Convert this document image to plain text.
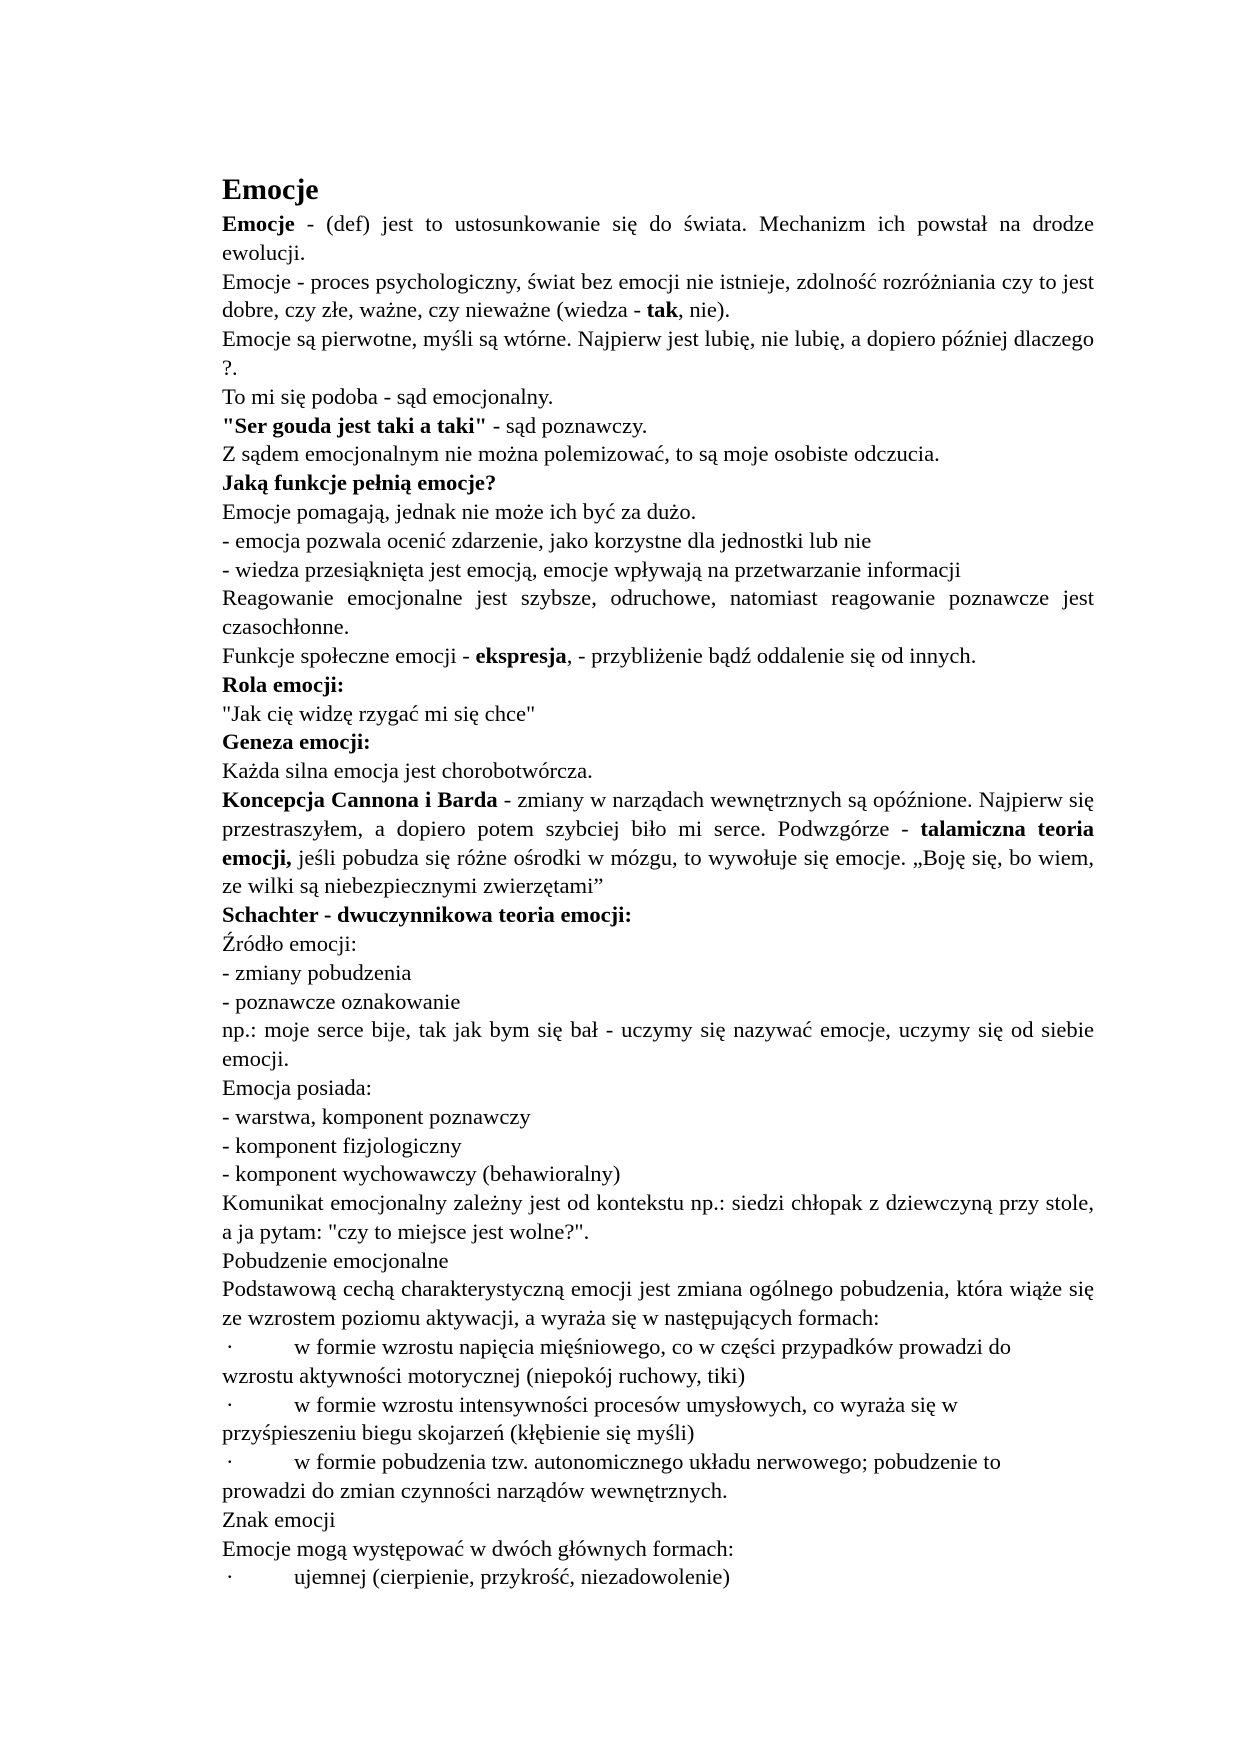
Emocje

Emocje - (def) jest to ustosunkowanie się do świata. Mechanizm ich powstał na drodze ewolucji.

Emocje - proces psychologiczny, świat bez emocji nie istnieje, zdolność rozróżniania czy to jest dobre, czy złe, ważne, czy nieważne (wiedza - tak, nie).

Emocje są pierwotne, myśli są wtórne. Najpierw jest lubię, nie lubię, a dopiero później dlaczego ?.

To mi się podoba - sąd emocjonalny.

"Ser gouda jest taki a taki" - sąd poznawczy.

Z sądem emocjonalnym nie można polemizować, to są moje osobiste odczucia.

Jaką funkcje pełnią emocje?

Emocje pomagają, jednak nie może ich być za dużo.

- emocja pozwala ocenić zdarzenie, jako korzystne dla jednostki lub nie

- wiedza przesiąknięta jest emocją, emocje wpływają na przetwarzanie informacji

Reagowanie emocjonalne jest szybsze, odruchowe, natomiast reagowanie poznawcze jest czasochłonne.

Funkcje społeczne emocji - ekspresja, - przybliżenie bądź oddalenie się od innych.

Rola emocji:

"Jak cię widzę rzygać mi się chce"

Geneza emocji:

Każda silna emocja jest chorobotwórcza.

Koncepcja Cannona i Barda - zmiany w narządach wewnętrznych są opóźnione. Najpierw się przestraszyłem, a dopiero potem szybciej biło mi serce. Podwzgórze - talamiczna teoria emocji, jeśli pobudza się różne ośrodki w mózgu, to wywołuje się emocje. „Boję się, bo wiem, ze wilki są niebezpiecznymi zwierzętami”

Schachter - dwuczynnikowa teoria emocji:

Źródło emocji:

- zmiany pobudzenia

- poznawcze oznakowanie

np.: moje serce bije, tak jak bym się bał - uczymy się nazywać emocje, uczymy się od siebie emocji.

Emocja posiada:

- warstwa, komponent poznawczy

- komponent fizjologiczny

- komponent wychowawczy (behawioralny)

Komunikat emocjonalny zależny jest od kontekstu np.: siedzi chłopak z dziewczyną przy stole, a ja pytam: "czy to miejsce jest wolne?".

Pobudzenie emocjonalne

Podstawową cechą charakterystyczną emocji jest zmiana ogólnego pobudzenia, która wiąże się ze wzrostem poziomu aktywacji, a wyraża się w następujących formach:

·	w formie wzrostu napięcia mięśniowego, co w części przypadków prowadzi do

wzrostu aktywności motorycznej (niepokój ruchowy, tiki)

·	w formie wzrostu intensywności procesów umysłowych, co wyraża się w

przyśpieszeniu biegu skojarzeń (kłębienie się myśli)

·	w formie pobudzenia tzw. autonomicznego układu nerwowego; pobudzenie to

prowadzi do zmian czynności narządów wewnętrznych.

Znak emocji

Emocje mogą występować w dwóch głównych formach:

·	ujemnej (cierpienie, przykrość, niezadowolenie)
